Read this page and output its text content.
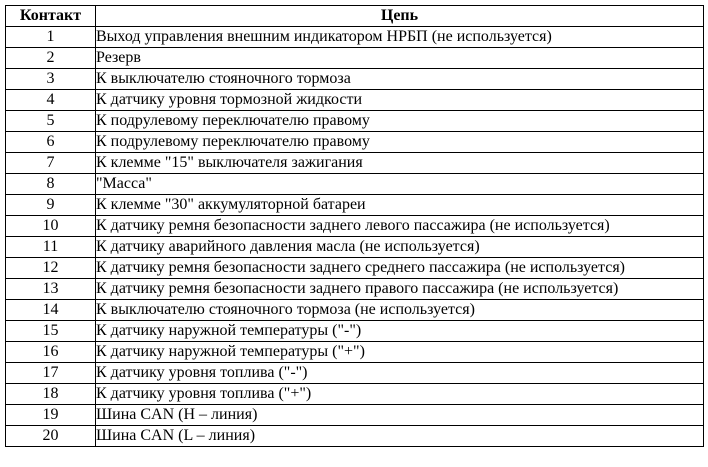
Контакт	Цепь
1	Выход управления внешним индикатором НРБП (не используется)
2	Резерв
3	К выключателю стояночного тормоза
4	К датчику уровня тормозной жидкости
5	К подрулевому переключателю правому
6	К подрулевому переключателю правому
7	К клемме "15" выключателя зажигания
8	"Масса"
9	К клемме "30" аккумуляторной батареи
10	К датчику ремня безопасности заднего левого пассажира (не используется)
11	К датчику аварийного давления масла (не используется)
12	К датчику ремня безопасности заднего среднего пассажира (не используется)
13	К датчику ремня безопасности заднего правого пассажира (не используется)
14	К выключателю стояночного тормоза (не используется)
15	К датчику наружной температуры ("-")
16	К датчику наружной температуры ("+")
17	К датчику уровня топлива ("-")
18	К датчику уровня топлива ("+")
19	Шина CAN (H – линия)
20	Шина CAN (L – линия)
